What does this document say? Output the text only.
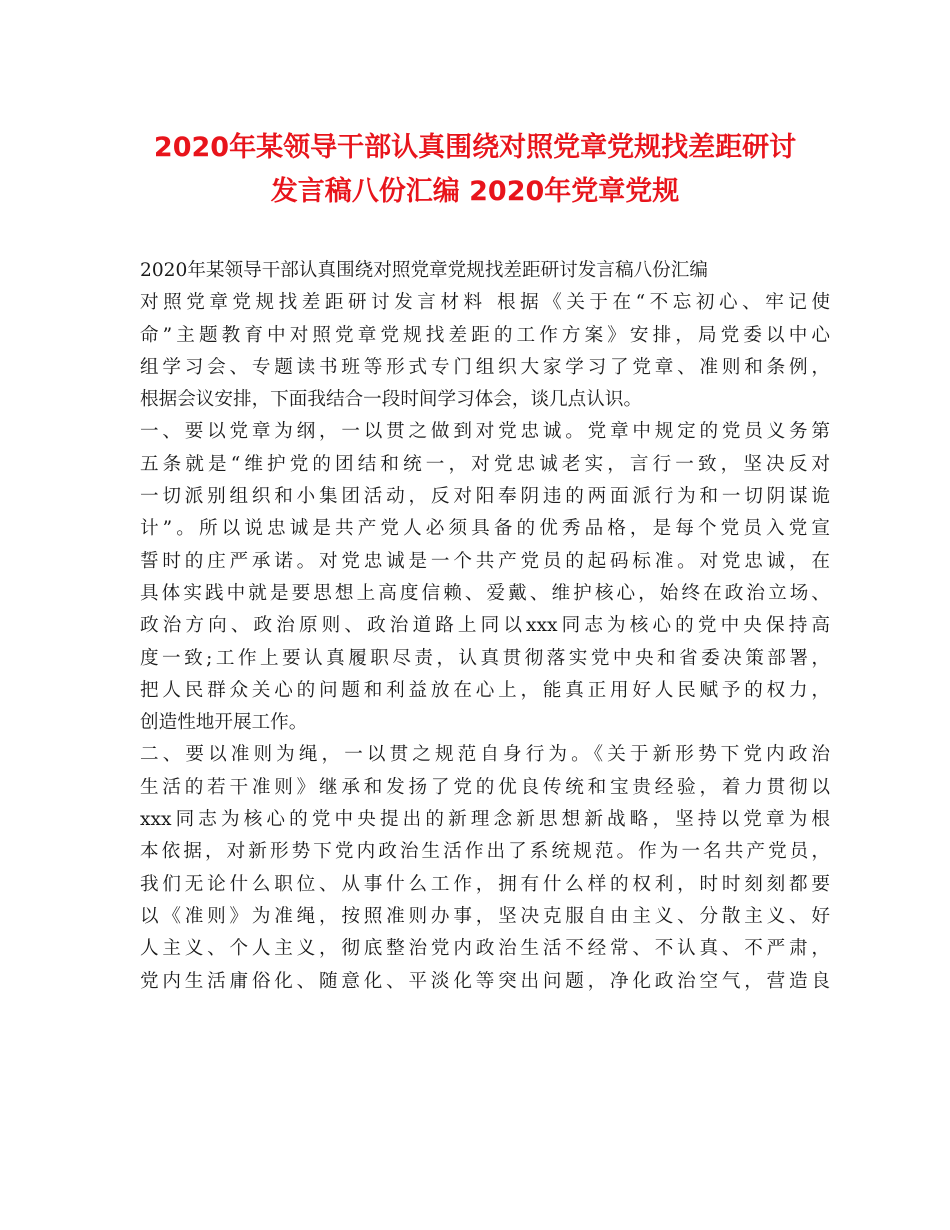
2020年某领导干部认真围绕对照党章党规找差距研讨
发言稿八份汇编 2020年党章党规
2020年某领导干部认真围绕对照党章党规找差距研讨发言稿八份汇编
对照党章党规找差距研讨发言材料 根据《关于在“不忘初心、牢记使
命”主题教育中对照党章党规找差距的工作方案》安排，局党委以中心
组学习会、专题读书班等形式专门组织大家学习了党章、准则和条例，
根据会议安排，下面我结合一段时间学习体会，谈几点认识。
一、要以党章为纲，一以贯之做到对党忠诚。党章中规定的党员义务第
五条就是“维护党的团结和统一，对党忠诚老实，言行一致，坚决反对
一切派别组织和小集团活动，反对阳奉阴违的两面派行为和一切阴谋诡
计”。所以说忠诚是共产党人必须具备的优秀品格，是每个党员入党宣
誓时的庄严承诺。对党忠诚是一个共产党员的起码标准。对党忠诚，在
具体实践中就是要思想上高度信赖、爱戴、维护核心，始终在政治立场、
政治方向、政治原则、政治道路上同以xxx同志为核心的党中央保持高
度一致;工作上要认真履职尽责，认真贯彻落实党中央和省委决策部署，
把人民群众关心的问题和利益放在心上，能真正用好人民赋予的权力，
创造性地开展工作。
二、要以准则为绳，一以贯之规范自身行为。《关于新形势下党内政治
生活的若干准则》继承和发扬了党的优良传统和宝贵经验，着力贯彻以
xxx同志为核心的党中央提出的新理念新思想新战略，坚持以党章为根
本依据，对新形势下党内政治生活作出了系统规范。作为一名共产党员，
我们无论什么职位、从事什么工作，拥有什么样的权利，时时刻刻都要
以《准则》为准绳，按照准则办事，坚决克服自由主义、分散主义、好
人主义、个人主义，彻底整治党内政治生活不经常、不认真、不严肃，
党内生活庸俗化、随意化、平淡化等突出问题，净化政治空气，营造良
